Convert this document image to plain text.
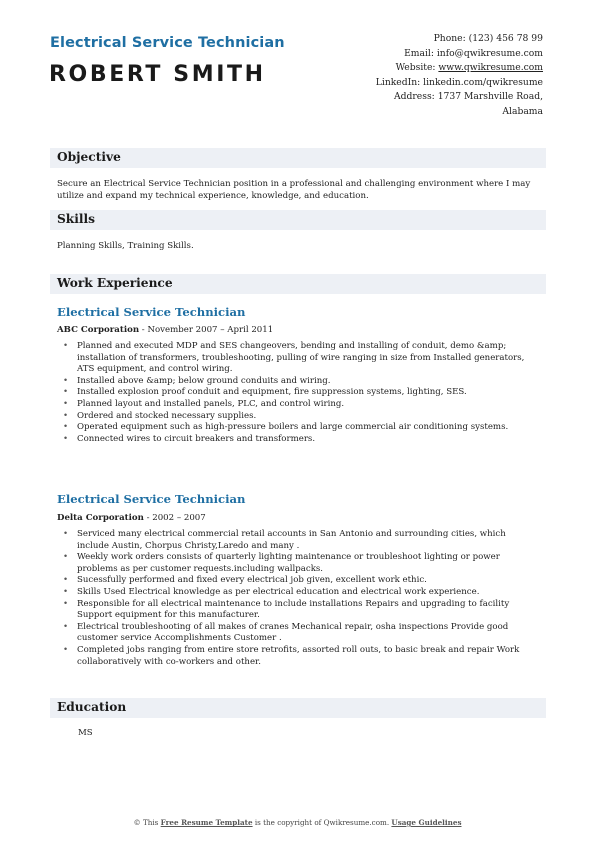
Electrical Service Technician
ROBERT SMITH
Phone: (123) 456 78 99
Email: info@qwikresume.com
Website: www.qwikresume.com
LinkedIn: linkedin.com/qwikresume
Address: 1737 Marshville Road,
Alabama
Objective
Secure an Electrical Service Technician position in a professional and challenging environment where I may utilize and expand my technical experience, knowledge, and education.
Skills
Planning Skills, Training Skills.
Work Experience
Electrical Service Technician
ABC Corporation - November 2007 – April 2011
• Planned and executed MDP and SES changeovers, bending and installing of conduit, demo &amp; installation of transformers, troubleshooting, pulling of wire ranging in size from Installed generators, ATS equipment, and control wiring.
• Installed above &amp; below ground conduits and wiring.
• Installed explosion proof conduit and equipment, fire suppression systems, lighting, SES.
• Planned layout and installed panels, PLC, and control wiring.
• Ordered and stocked necessary supplies.
• Operated equipment such as high-pressure boilers and large commercial air conditioning systems.
• Connected wires to circuit breakers and transformers.
Electrical Service Technician
Delta Corporation - 2002 – 2007
• Serviced many electrical commercial retail accounts in San Antonio and surrounding cities, which include Austin, Chorpus Christy,Laredo and many .
• Weekly work orders consists of quarterly lighting maintenance or troubleshoot lighting or power problems as per customer requests.including wallpacks.
• Sucessfully performed and fixed every electrical job given, excellent work ethic.
• Skills Used Electrical knowledge as per electrical education and electrical work experience.
• Responsible for all electrical maintenance to include installations Repairs and upgrading to facility Support equipment for this manufacturer.
• Electrical troubleshooting of all makes of cranes Mechanical repair, osha inspections Provide good customer service Accomplishments Customer .
• Completed jobs ranging from entire store retrofits, assorted roll outs, to basic break and repair Work collaboratively with co-workers and other.
Education
MS
© This Free Resume Template is the copyright of Qwikresume.com. Usage Guidelines
